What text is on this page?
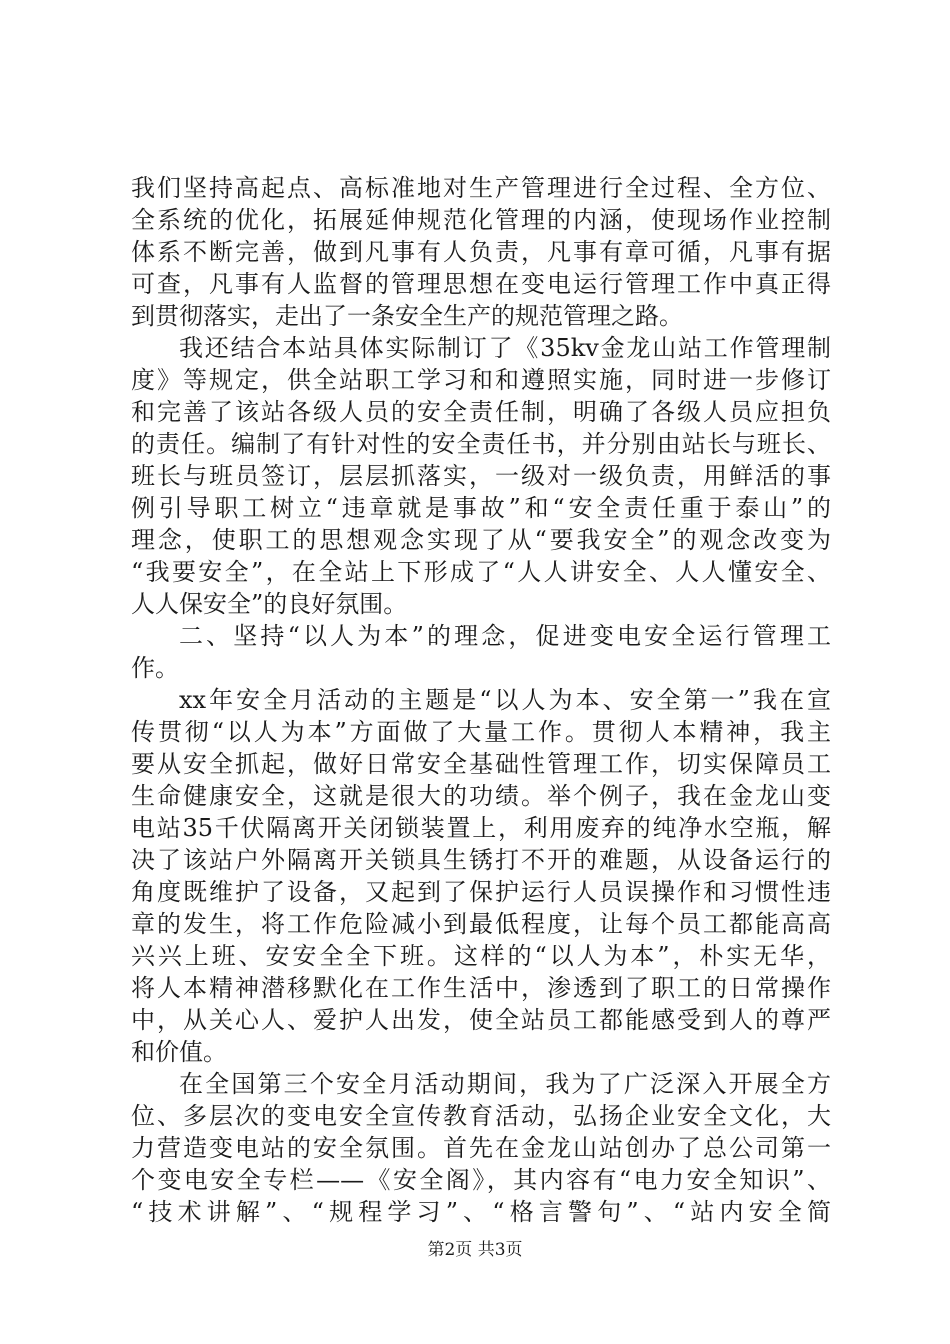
我们坚持高起点、高标准地对生产管理进行全过程、全方位、
全系统的优化，拓展延伸规范化管理的内涵，使现场作业控制
体系不断完善，做到凡事有人负责，凡事有章可循，凡事有据
可查，凡事有人监督的管理思想在变电运行管理工作中真正得
到贯彻落实，走出了一条安全生产的规范管理之路。
我还结合本站具体实际制订了《35kv金龙山站工作管理制
度》等规定，供全站职工学习和和遵照实施，同时进一步修订
和完善了该站各级人员的安全责任制，明确了各级人员应担负
的责任。编制了有针对性的安全责任书，并分别由站长与班长、
班长与班员签订，层层抓落实，一级对一级负责，用鲜活的事
例引导职工树立“违章就是事故”和“安全责任重于泰山”的
理念，使职工的思想观念实现了从“要我安全”的观念改变为
“我要安全”，在全站上下形成了“人人讲安全、人人懂安全、
人人保安全”的良好氛围。
二、坚持“以人为本”的理念，促进变电安全运行管理工
作。
xx年安全月活动的主题是“以人为本、安全第一”我在宣
传贯彻“以人为本”方面做了大量工作。贯彻人本精神，我主
要从安全抓起，做好日常安全基础性管理工作，切实保障员工
生命健康安全，这就是很大的功绩。举个例子，我在金龙山变
电站35千伏隔离开关闭锁装置上，利用废弃的纯净水空瓶，解
决了该站户外隔离开关锁具生锈打不开的难题，从设备运行的
角度既维护了设备，又起到了保护运行人员误操作和习惯性违
章的发生，将工作危险减小到最低程度，让每个员工都能高高
兴兴上班、安安全全下班。这样的“以人为本”，朴实无华，
将人本精神潜移默化在工作生活中，渗透到了职工的日常操作
中，从关心人、爱护人出发，使全站员工都能感受到人的尊严
和价值。
在全国第三个安全月活动期间，我为了广泛深入开展全方
位、多层次的变电安全宣传教育活动，弘扬企业安全文化，大
力营造变电站的安全氛围。首先在金龙山站创办了总公司第一
个变电安全专栏——《安全阁》，其内容有“电力安全知识”、
“技术讲解”、“规程学习”、“格言警句”、“站内安全简
第2页 共3页
